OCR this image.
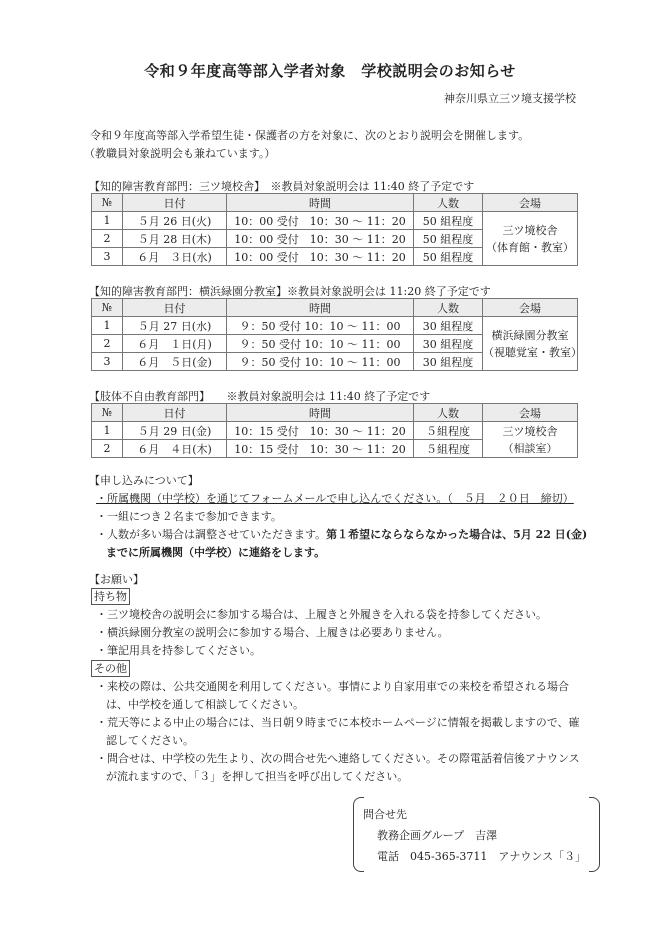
令和９年度高等部入学者対象　学校説明会のお知らせ
神奈川県立三ツ境支援学校
令和９年度高等部入学希望生徒・保護者の方を対象に、次のとおり説明会を開催します。
（教職員対象説明会も兼ねています。）
【知的障害教育部門：三ツ境校舎】　※教員対象説明会は 11:40 終了予定です
№	日付	時間	人数	会場
1	５月 26 日(火)	10：00 受付　10：30 ～ 11：20	50 組程度	三ツ境校舎
（体育館・教室）

2	５月 28 日(木)	10：00 受付　10：30 ～ 11：20	50 組程度	
3	６月　３日(水)	10：00 受付　10：30 ～ 11：20	50 組程度	
【知的障害教育部門：横浜緑園分教室】※教員対象説明会は 11:20 終了予定です
№	日付	時間	人数	会場
1	５月 27 日(水)	９：50 受付 10：10 ～ 11：00	30 組程度	横浜緑園分教室
（視聴覚室・教室）

2	６月　１日(月)	９：50 受付 10：10 ～ 11：00	30 組程度	
3	６月　５日(金)	９：50 受付 10：10 ～ 11：00	30 組程度	
【肢体不自由教育部門】　　※教員対象説明会は 11:40 終了予定です
№	日付	時間	人数	会場
1	５月 29 日(金)	10：15 受付　10：30 ～ 11：20	５組程度	三ツ境校舎
（相談室）

2	６月　４日(木)	10：15 受付　10：30 ～ 11：20	５組程度	
【申し込みについて】
・所属機関（中学校）を通じてフォームメールで申し込んでください。（　５月　２０日　締切）
・一組につき２名まで参加できます。
・人数が多い場合は調整させていただきます。第１希望にならならなかった場合は、5月 22 日(金)
までに所属機関（中学校）に連絡をします。
【お願い】
持ち物
・三ツ境校舎の説明会に参加する場合は、上履きと外履きを入れる袋を持参してください。
・横浜緑園分教室の説明会に参加する場合、上履きは必要ありません。
・筆記用具を持参してください。
その他
・来校の際は、公共交通関を利用してください。事情により自家用車での来校を希望される場合
は、中学校を通して相談してください。
・荒天等による中止の場合には、当日朝９時までに本校ホームページに情報を掲載しますので、確
認してください。
・問合せは、中学校の先生より、次の問合せ先へ連絡してください。その際電話着信後アナウンス
が流れますので、「３」を押して担当を呼び出してください。
問合せ先
教務企画グループ　吉澤
電話　045-365-3711　アナウンス「３」
